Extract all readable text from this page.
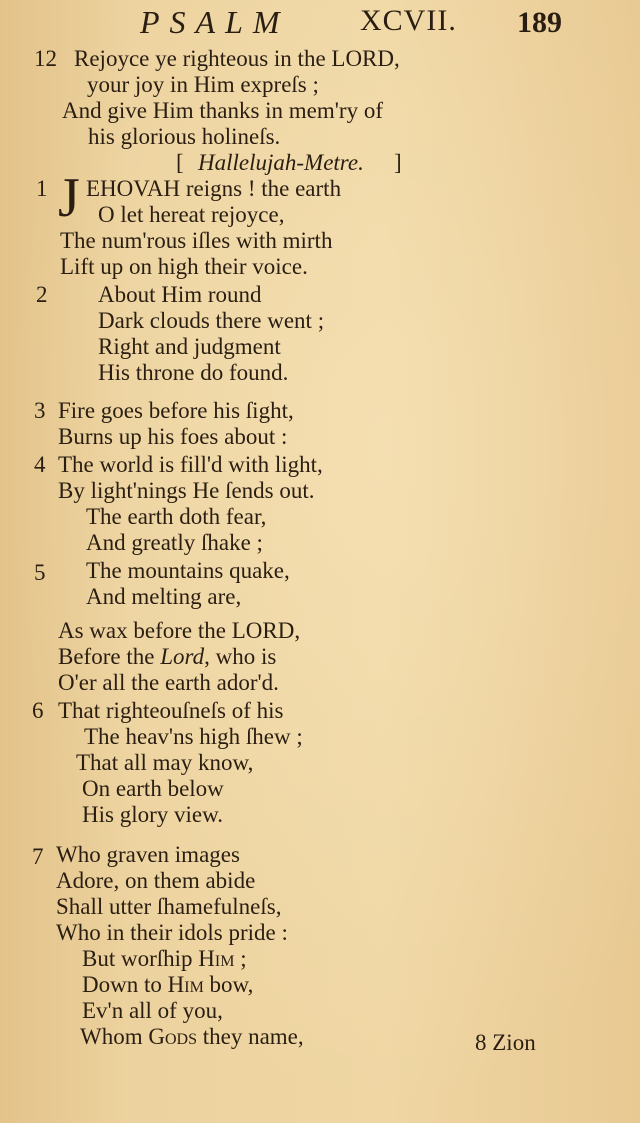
PSALM XCVII. 189
12 Rejoyce ye righteous in the LORD,
your joy in Him expreſs ;
And give Him thanks in mem'ry of
his glorious holineſs.
[ Hallelujah-Metre. ]
1 J EHOVAH reigns ! the earth
O let hereat rejoyce,
The num'rous iſles with mirth
Lift up on high their voice.
2 About Him round
Dark clouds there went ;
Right and judgment
His throne do found.
3 Fire goes before his ſight,
Burns up his foes about :
4 The world is fill'd with light,
By light'nings He ſends out.
The earth doth fear,
And greatly ſhake ;
5 The mountains quake,
And melting are,
As wax before the LORD,
Before the Lord, who is
O'er all the earth ador'd.
6 That righteouſneſs of his
The heav'ns high ſhew ;
That all may know,
On earth below
His glory view.
7 Who graven images
Adore, on them abide
Shall utter ſhamefulneſs,
Who in their idols pride :
But worſhip Him ;
Down to Him bow,
Ev'n all of you,
Whom Gods they name,	8 Zion
